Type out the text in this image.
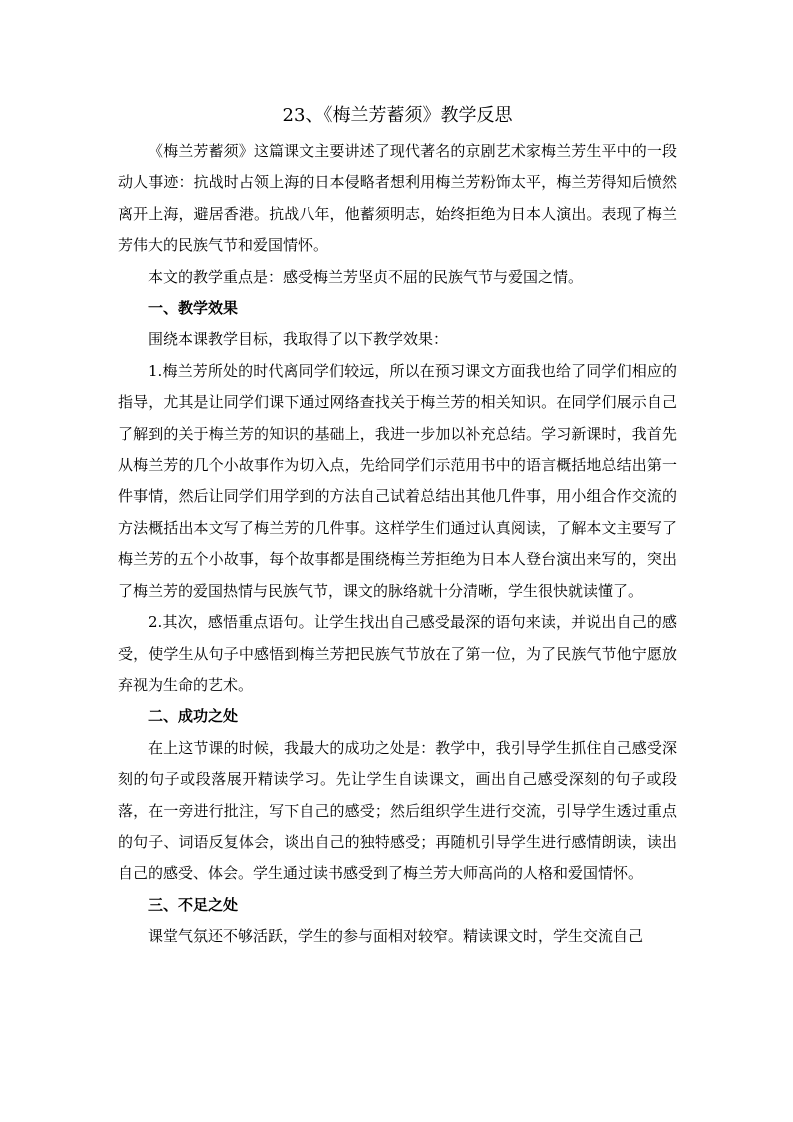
23、《梅兰芳蓄须》教学反思

《梅兰芳蓄须》这篇课文主要讲述了现代著名的京剧艺术家梅兰芳生平中的一段动人事迹：抗战时占领上海的日本侵略者想利用梅兰芳粉饰太平，梅兰芳得知后愤然离开上海，避居香港。抗战八年，他蓄须明志，始终拒绝为日本人演出。表现了梅兰芳伟大的民族气节和爱国情怀。

本文的教学重点是：感受梅兰芳坚贞不屈的民族气节与爱国之情。

一、教学效果

围绕本课教学目标，我取得了以下教学效果：

1.梅兰芳所处的时代离同学们较远，所以在预习课文方面我也给了同学们相应的指导，尤其是让同学们课下通过网络查找关于梅兰芳的相关知识。在同学们展示自己了解到的关于梅兰芳的知识的基础上，我进一步加以补充总结。学习新课时，我首先从梅兰芳的几个小故事作为切入点，先给同学们示范用书中的语言概括地总结出第一件事情，然后让同学们用学到的方法自己试着总结出其他几件事，用小组合作交流的方法概括出本文写了梅兰芳的几件事。这样学生们通过认真阅读，了解本文主要写了梅兰芳的五个小故事，每个故事都是围绕梅兰芳拒绝为日本人登台演出来写的，突出了梅兰芳的爱国热情与民族气节，课文的脉络就十分清晰，学生很快就读懂了。

2.其次，感悟重点语句。让学生找出自己感受最深的语句来读，并说出自己的感受，使学生从句子中感悟到梅兰芳把民族气节放在了第一位，为了民族气节他宁愿放弃视为生命的艺术。

二、成功之处

在上这节课的时候，我最大的成功之处是：教学中，我引导学生抓住自己感受深刻的句子或段落展开精读学习。先让学生自读课文，画出自己感受深刻的句子或段落，在一旁进行批注，写下自己的感受；然后组织学生进行交流，引导学生透过重点的句子、词语反复体会，谈出自己的独特感受；再随机引导学生进行感情朗读，读出自己的感受、体会。学生通过读书感受到了梅兰芳大师高尚的人格和爱国情怀。

三、不足之处

课堂气氛还不够活跃，学生的参与面相对较窄。精读课文时，学生交流自己
